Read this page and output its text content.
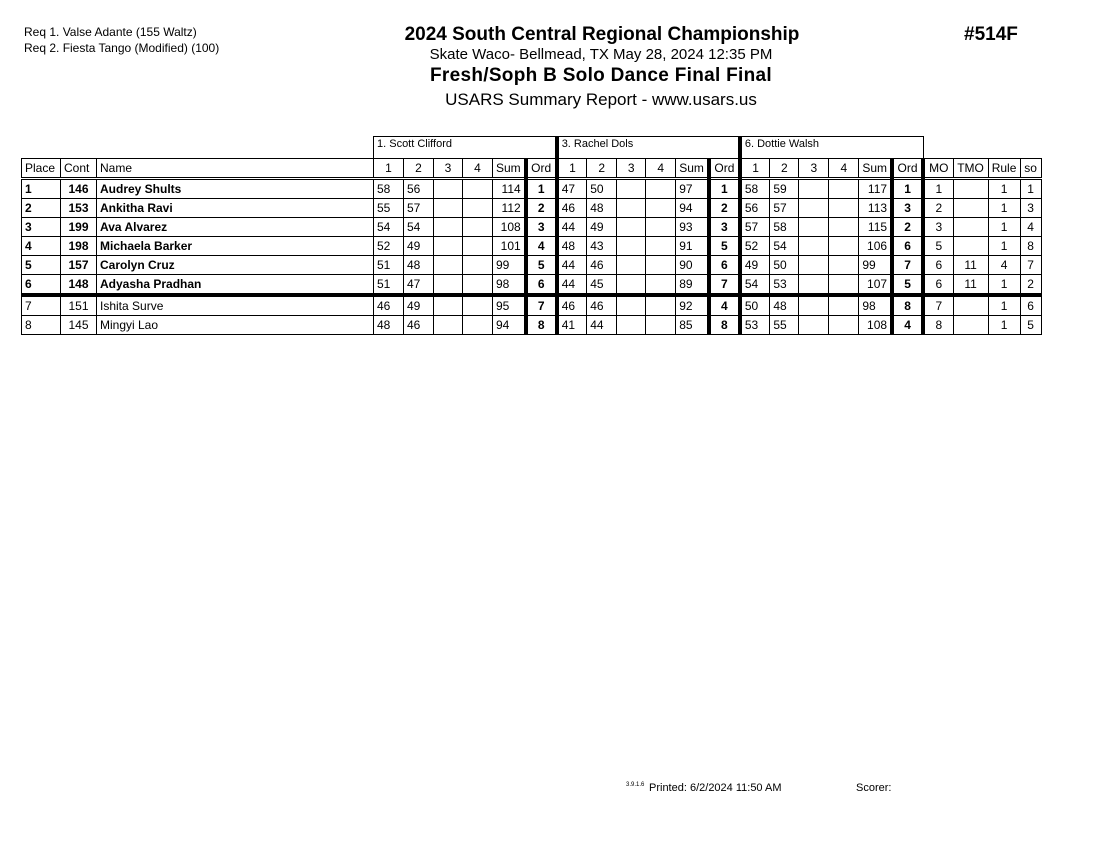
Req 1. Valse Adante (155 Waltz)
Req 2. Fiesta Tango (Modified) (100)
2024 South Central Regional Championship
Skate Waco- Bellmead, TX May 28, 2024 12:35 PM
Fresh/Soph B Solo Dance Final Final
USARS Summary Report - www.usars.us
#514F
			1. Scott Clifford						3. Rachel Dols						6. Dottie Walsh									
Place	Cont	Name	1	2	3	4	Sum	Ord	1	2	3	4	Sum	Ord	1	2	3	4	Sum	Ord	MO	TMO	Rule	so
1	146	Audrey Shults	58	56			114	1	47	50			97	1	58	59			117	1	1		1	1
2	153	Ankitha Ravi	55	57			112	2	46	48			94	2	56	57			113	3	2		1	3
3	199	Ava Alvarez	54	54			108	3	44	49			93	3	57	58			115	2	3		1	4
4	198	Michaela Barker	52	49			101	4	48	43			91	5	52	54			106	6	5		1	8
5	157	Carolyn Cruz	51	48			99	5	44	46			90	6	49	50			99	7	6	11	4	7
6	148	Adyasha Pradhan	51	47			98	6	44	45			89	7	54	53			107	5	6	11	1	2
7	151	Ishita Surve	46	49			95	7	46	46			92	4	50	48			98	8	7		1	6
8	145	Mingyi Lao	48	46			94	8	41	44			85	8	53	55			108	4	8		1	5
3.9.1.6 Printed: 6/2/2024 11:50 AM	Scorer:
